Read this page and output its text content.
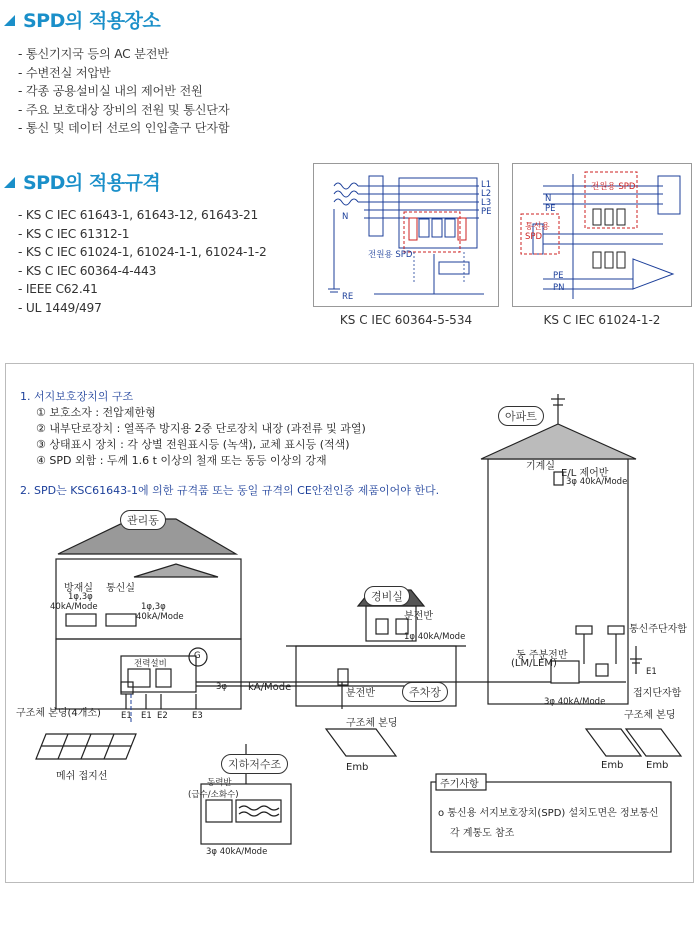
SPD의 적용장소
- 통신기지국 등의 AC 분전반
- 수변전실 저압반
- 각종 공용설비실 내의 제어반 전원
- 주요 보호대상 장비의 전원 및 통신단자
- 통신 및 데이터 선로의 인입출구 단자함
SPD의 적용규격
- KS C IEC 61643-1, 61643-12, 61643-21
- KS C IEC 61312-1
- KS C IEC 61024-1, 61024-1-1, 61024-1-2
- KS C IEC 60364-4-443
- IEEE C62.41
- UL 1449/497
N
전원용 SPD
RE
L1
L2
L3
PE
KS C IEC 60364-5-534
전원용 SPD
통신용 SPD
N
PE
PE
PN
KS C IEC 61024-1-2
1. 서지보호장치의 구조
① 보호소자 : 전압제한형
② 내부단로장치 : 열폭주 방지용 2중 단로장치 내장 (과전류 및 과열)
③ 상태표시 장치 : 각 상별 전원표시등 (녹색), 교체 표시등 (적색)
④ SPD 외함 : 두께 1.6 t 이상의 철재 또는 동등 이상의 강재
2. SPD는 KSC61643-1에 의한 규격품 또는 동일 규격의 CE안전인증 제품이어야 한다.
아파트
기계실
E/L 제어반
3φ 40kA/Mode
관리동
방재실 통신실
1φ,3φ
40kA/Mode	1φ,3φ
40kA/Mode
전력설비
G
3φ kA/Mode
구조체 본딩(4개소) E1 E1 E2	E3
메쉬 접지선
경비실
분전반
1φ 40kA/Mode
분전반	주차장
구조체 본딩
Emb
지하저수조
동력반
(급수/소화수)
3φ 40kA/Mode
동 주분전반
(LM/LEM)
3φ 40kA/Mode
통신주단자함
E1
접지단자함
구조체 본딩
Emb Emb
주기사항
o 통신용 서지보호장치(SPD) 설치도면은 정보통신
각 계통도 참조
